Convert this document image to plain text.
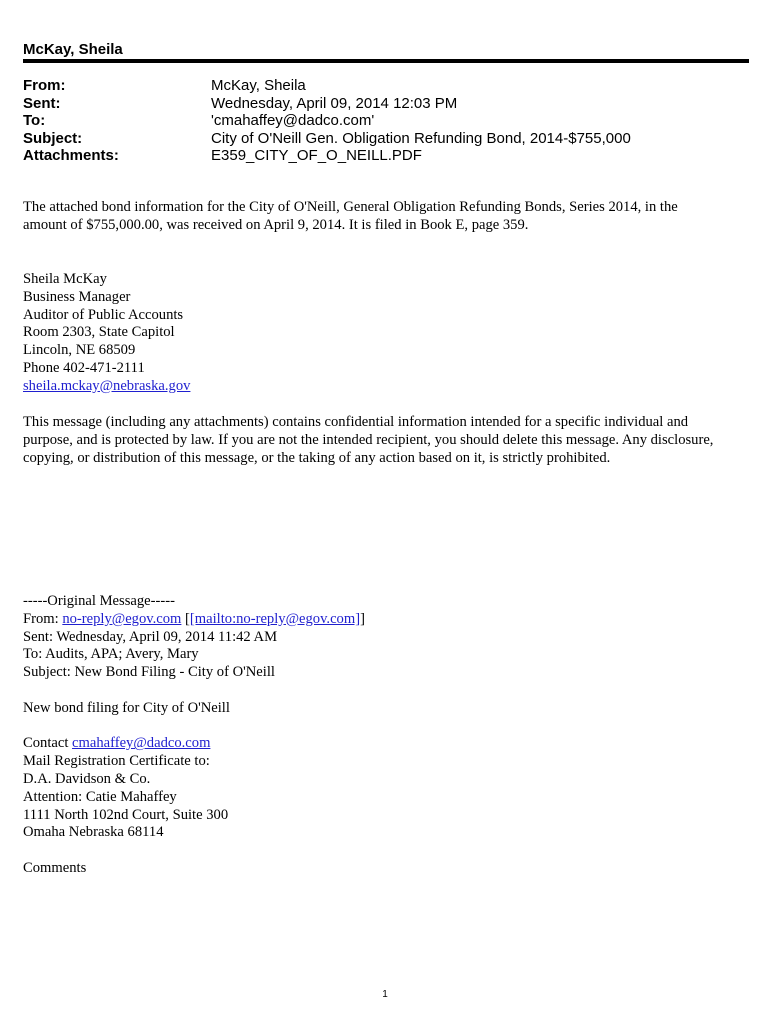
McKay, Sheila
From:	McKay, Sheila
Sent:	Wednesday, April 09, 2014 12:03 PM
To:	'cmahaffey@dadco.com'
Subject:	City of O'Neill Gen. Obligation Refunding Bond, 2014-$755,000
Attachments:	E359_CITY_OF_O_NEILL.PDF
The attached bond information for the City of O'Neill, General Obligation Refunding Bonds, Series 2014, in the
amount of $755,000.00, was received on April 9, 2014. It is filed in Book E, page 359.
Sheila McKay
Business Manager
Auditor of Public Accounts
Room 2303, State Capitol
Lincoln, NE 68509
Phone 402-471-2111
sheila.mckay@nebraska.gov
This message (including any attachments) contains confidential information intended for a specific individual and
purpose, and is protected by law. If you are not the intended recipient, you should delete this message. Any disclosure,
copying, or distribution of this message, or the taking of any action based on it, is strictly prohibited.
-----Original Message-----
From: no-reply@egov.com [[mailto:no-reply@egov.com]]
Sent: Wednesday, April 09, 2014 11:42 AM
To: Audits, APA; Avery, Mary
Subject: New Bond Filing - City of O'Neill
New bond filing for City of O'Neill
Contact cmahaffey@dadco.com
Mail Registration Certificate to:
D.A. Davidson & Co.
Attention: Catie Mahaffey
1111 North 102nd Court, Suite 300
Omaha Nebraska 68114
Comments
1
